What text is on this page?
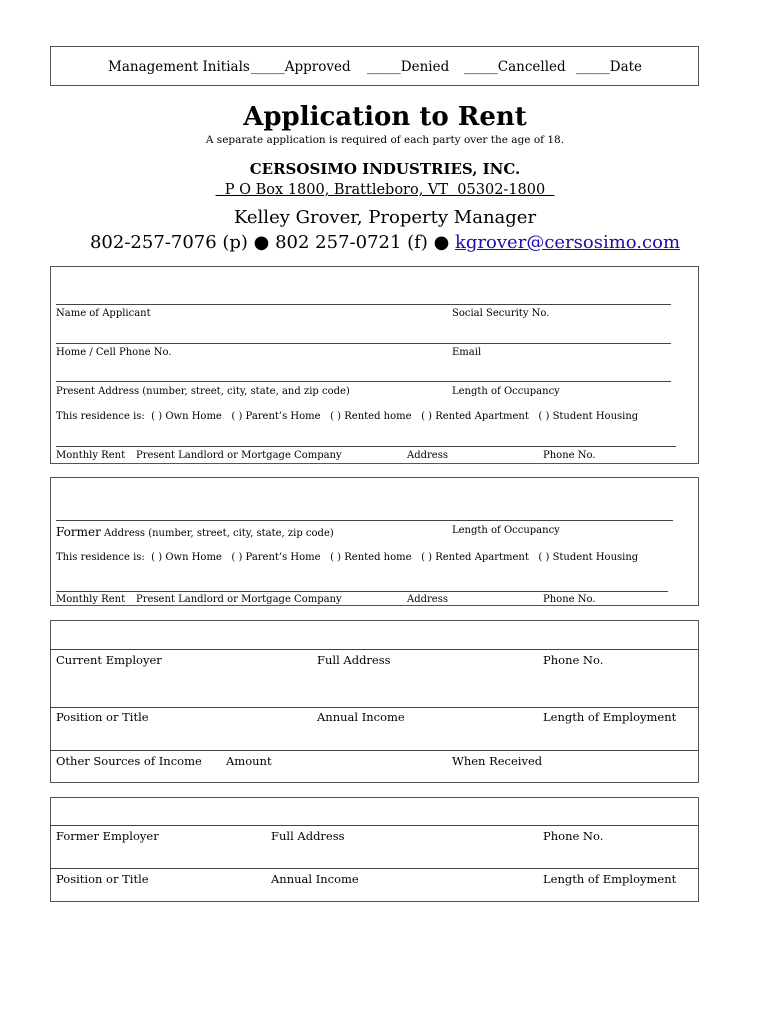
Management Initials _____Approved _____Denied _____Cancelled _____Date
Application to Rent
A separate application is required of each party over the age of 18.
CERSOSIMO INDUSTRIES, INC.
P O Box 1800, Brattleboro, VT  05302-1800
Kelley Grover, Property Manager
802-257-7076 (p) ● 802 257-0721 (f) ● kgrover@cersosimo.com
Name of Applicant	Social Security No.
Home / Cell Phone No.	Email
Present Address (number, street, city, state, and zip code)	Length of Occupancy
This residence is:  ( ) Own Home   ( ) Parent’s Home   ( ) Rented home   ( ) Rented Apartment   ( ) Student Housing
Monthly Rent Present Landlord or Mortgage Company	Address	Phone No.
Former Address (number, street, city, state, zip code)	Length of Occupancy
This residence is:  ( ) Own Home   ( ) Parent’s Home   ( ) Rented home   ( ) Rented Apartment   ( ) Student Housing
Monthly Rent Present Landlord or Mortgage Company	Address	Phone No.
Current Employer	Full Address	Phone No.
Position or Title	Annual Income	Length of Employment
Other Sources of Income Amount	When Received
Former Employer	Full Address	Phone No.
Position or Title	Annual Income	Length of Employment
